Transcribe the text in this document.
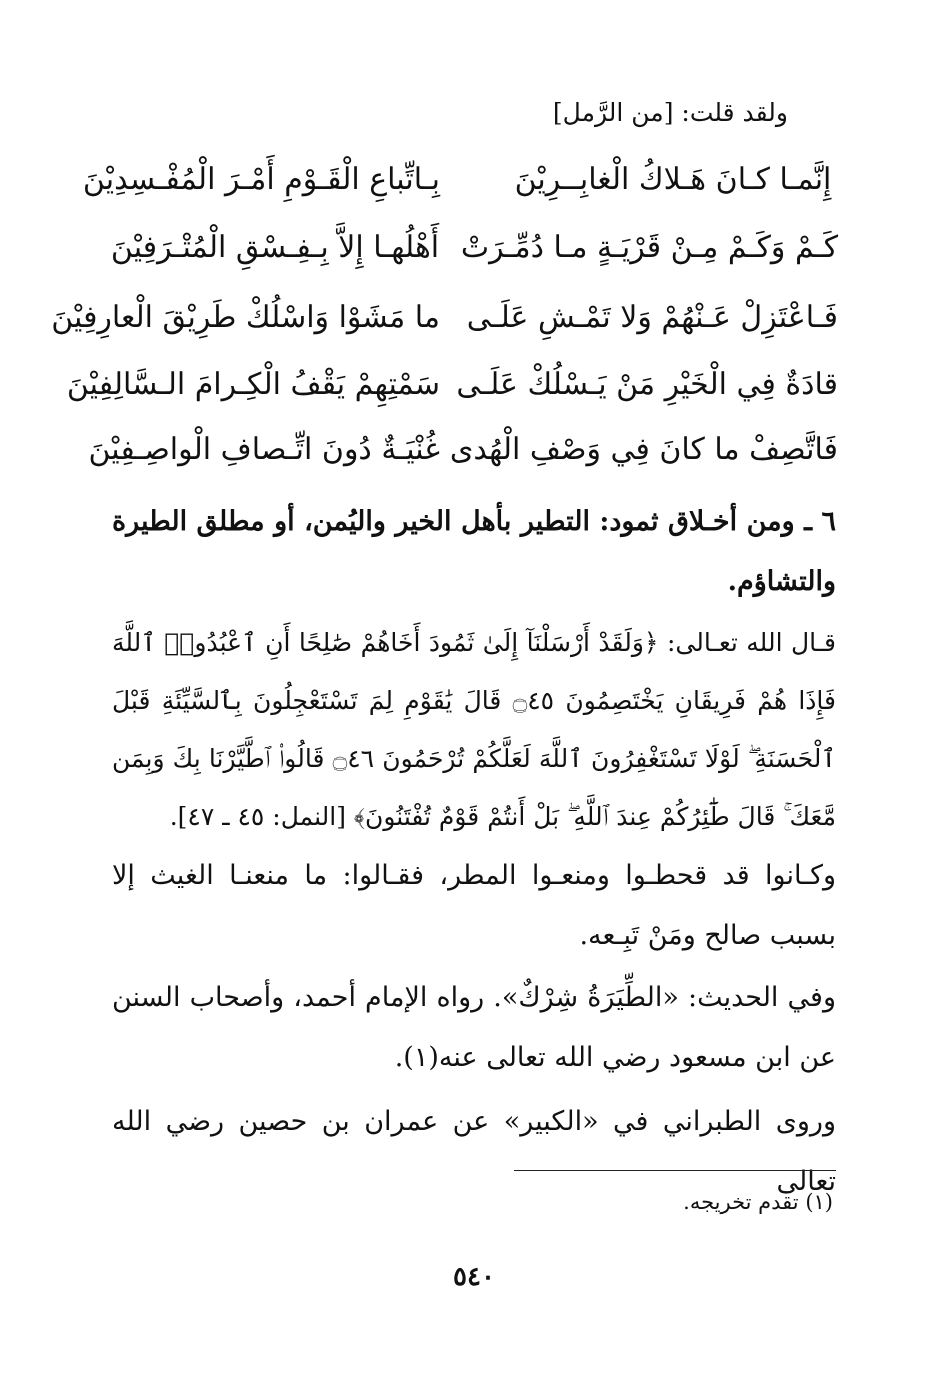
ولقد قلت: [من الرَّمل]
إِنَّمـا كـانَ هَـلاكُ الْغابِــرِيْنَ
بِـاتِّباعِ الْقَـوْمِ أَمْـرَ الْمُفْـسِدِيْنَ
كَـمْ وَكَـمْ مِـنْ قَرْيَـةٍ مـا دُمِّـرَتْ
أَهْلُهـا إِلاَّ بِـفِـسْقِ الْمُتْـرَفِيْنَ
فَـاعْتَزِلْ عَـنْهُمْ وَلا تَمْـشِ عَلَـى
ما مَشَوْا وَاسْلُكْ طَرِيْقَ الْعارِفِيْنَ
قادَةٌ فِي الْخَيْرِ مَنْ يَـسْلُكْ عَلَـى
سَمْتِهِمْ يَقْفُ الْكِـرامَ الـسَّالِفِيْنَ
فَاتَّصِفْ ما كانَ فِي وَصْفِ الْهُدى
غُنْيَـةٌ دُونَ اتِّـصافِ الْواصِـفِيْنَ
٦ ـ ومن أخـلاق ثمود: التطير بأهل الخير واليُمن، أو مطلق الطيرة والتشاؤم.
قـال الله تعـالى: ﴿وَلَقَدْ أَرْسَلْنَآ إِلَىٰ ثَمُودَ أَخَاهُمْ صَٰلِحًا أَنِ ٱعْبُدُوا۟ ٱللَّهَ فَإِذَا هُمْ فَرِيقَانِ يَخْتَصِمُونَ ۝٤٥ قَالَ يَٰقَوْمِ لِمَ تَسْتَعْجِلُونَ بِٱلسَّيِّئَةِ قَبْلَ ٱلْحَسَنَةِ ۖ لَوْلَا تَسْتَغْفِرُونَ ٱللَّهَ لَعَلَّكُمْ تُرْحَمُونَ ۝٤٦ قَالُوا۟ ٱطَّيَّرْنَا بِكَ وَبِمَن مَّعَكَ ۚ قَالَ طَٰٓئِرُكُمْ عِندَ ٱللَّهِ ۖ بَلْ أَنتُمْ قَوْمٌ تُفْتَنُونَ﴾ [النمل: ٤٥ ـ ٤٧].
وكـانوا قد قحطـوا ومنعـوا المطر، فقـالوا: ما منعنـا الغيث إلا بسبب صالح ومَنْ تَبِـعه.
وفي الحديث: «الطِّيَرَةُ شِرْكٌ». رواه الإمام أحمد، وأصحاب السنن عن ابن مسعود رضي الله تعالى عنه(١).
وروى الطبراني في «الكبير» عن عمران بن حصين رضي الله تعالى
(١) تقدم تخريجه.
٥٤٠
